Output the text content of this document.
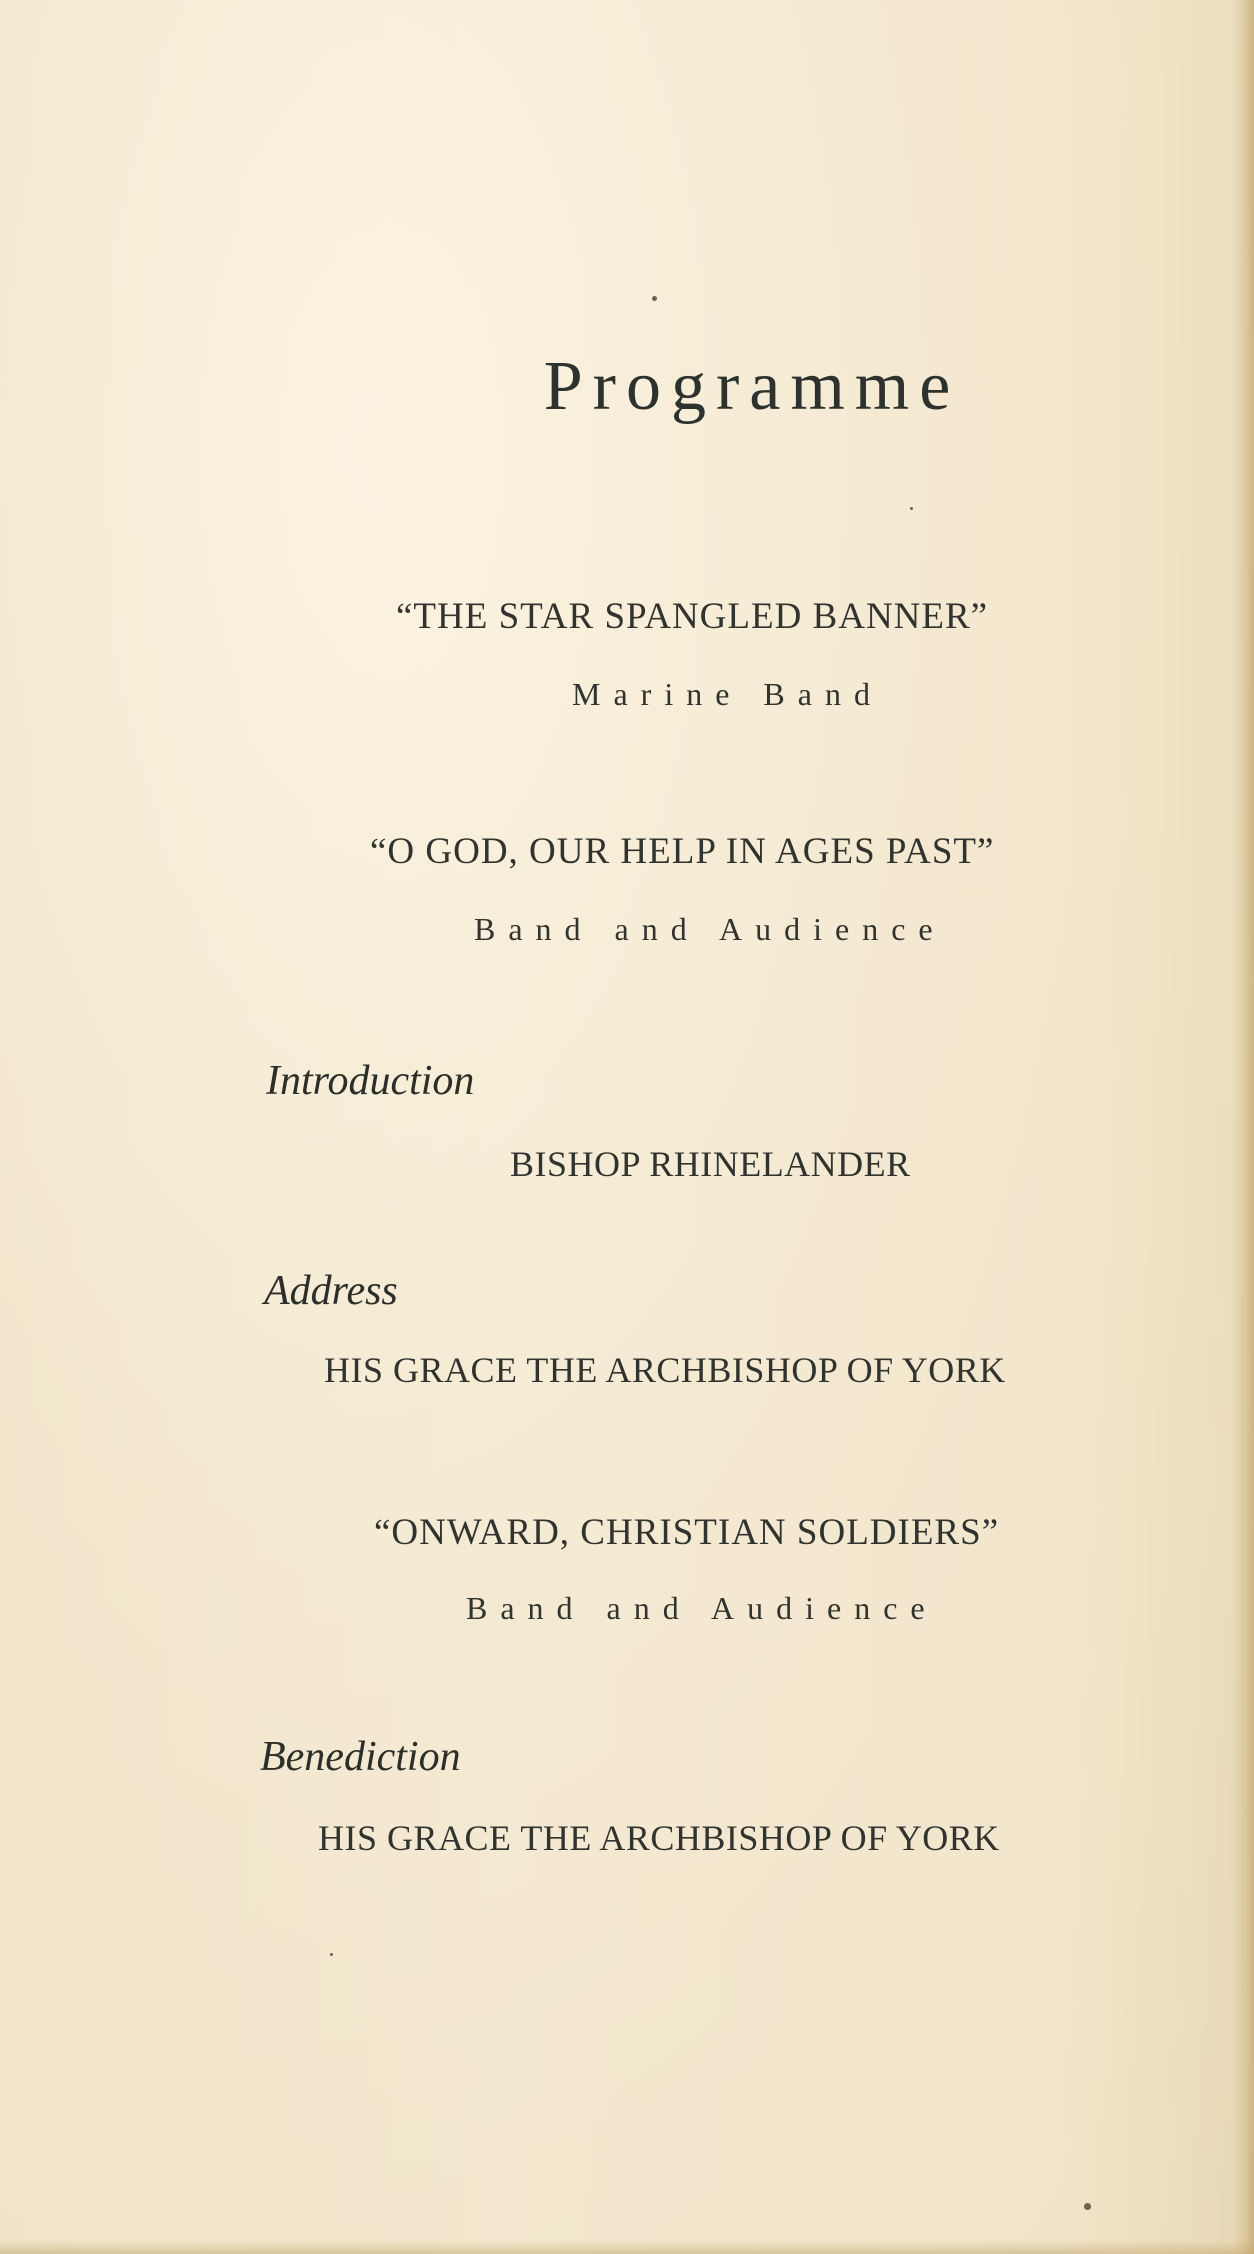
Programme
“THE STAR SPANGLED BANNER”
Marine Band
“O GOD, OUR HELP IN AGES PAST”
Band and Audience
Introduction
BISHOP RHINELANDER
Address
HIS GRACE THE ARCHBISHOP OF YORK
“ONWARD, CHRISTIAN SOLDIERS”
Band and Audience
Benediction
HIS GRACE THE ARCHBISHOP OF YORK
